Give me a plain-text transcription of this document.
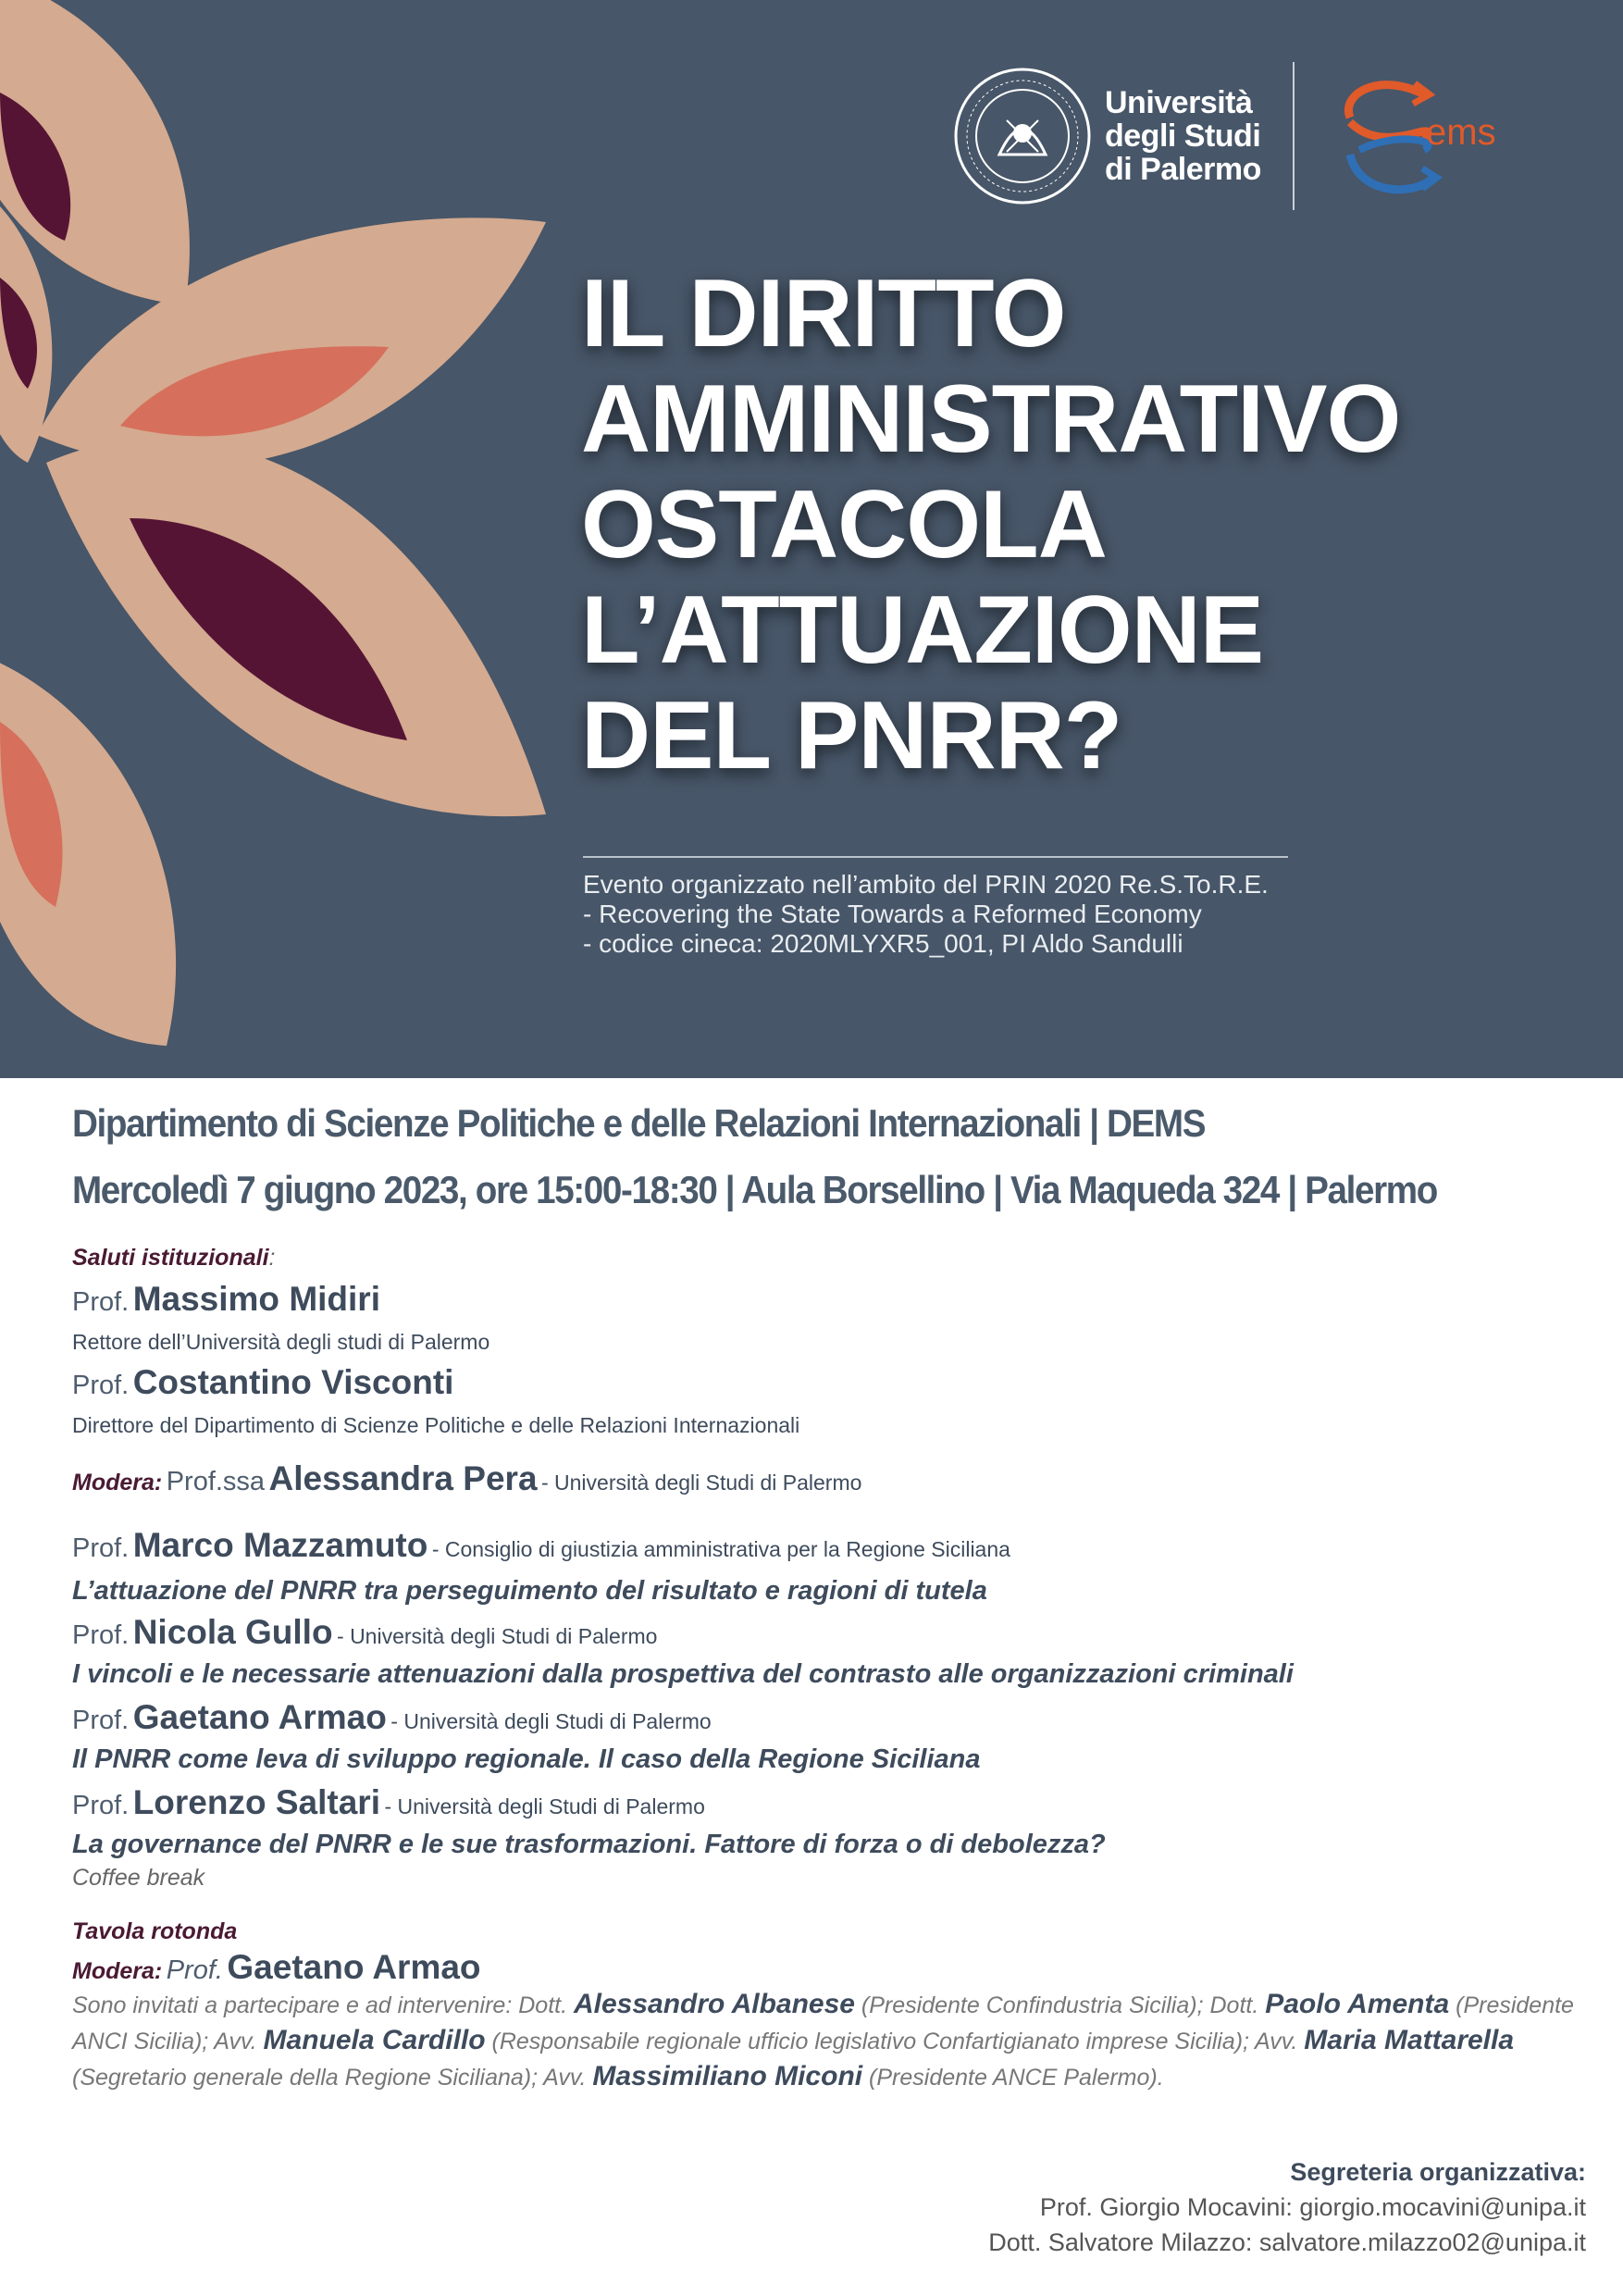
Università
degli Studi
di Palermo
ems
IL DIRITTO
AMMINISTRATIVO
OSTACOLA
L’ATTUAZIONE
DEL PNRR?
Evento organizzato nell’ambito del PRIN 2020 Re.S.To.R.E.
- Recovering the State Towards a Reformed Economy
- codice cineca: 2020MLYXR5_001, PI Aldo Sandulli
Dipartimento di Scienze Politiche e delle Relazioni Internazionali | DEMS
Mercoledì 7 giugno 2023, ore 15:00-18:30 | Aula Borsellino | Via Maqueda 324 | Palermo
Saluti istituzionali:
Prof. Massimo Midiri
Rettore dell’Università degli studi di Palermo
Prof. Costantino Visconti
Direttore del Dipartimento di Scienze Politiche e delle Relazioni Internazionali
Modera: Prof.ssa Alessandra Pera - Università degli Studi di Palermo
Prof. Marco Mazzamuto - Consiglio di giustizia amministrativa per la Regione Siciliana
L’attuazione del PNRR tra perseguimento del risultato e ragioni di tutela
Prof. Nicola Gullo - Università degli Studi di Palermo
I vincoli e le necessarie attenuazioni dalla prospettiva del contrasto alle organizzazioni criminali
Prof. Gaetano Armao - Università degli Studi di Palermo
Il PNRR come leva di sviluppo regionale. Il caso della Regione Siciliana
Prof. Lorenzo Saltari - Università degli Studi di Palermo
La governance del PNRR e le sue trasformazioni. Fattore di forza o di debolezza?
Coffee break
Tavola rotonda
Modera: Prof. Gaetano Armao
Sono invitati a partecipare e ad intervenire: Dott. Alessandro Albanese (Presidente Confindustria Sicilia); Dott. Paolo Amenta (Presidente ANCI Sicilia); Avv. Manuela Cardillo (Responsabile regionale ufficio legislativo Confartigianato imprese Sicilia); Avv. Maria Mattarella (Segretario generale della Regione Siciliana); Avv. Massimiliano Miconi (Presidente ANCE Palermo).
Segreteria organizzativa:
Prof. Giorgio Mocavini: giorgio.mocavini@unipa.it
Dott. Salvatore Milazzo: salvatore.milazzo02@unipa.it
